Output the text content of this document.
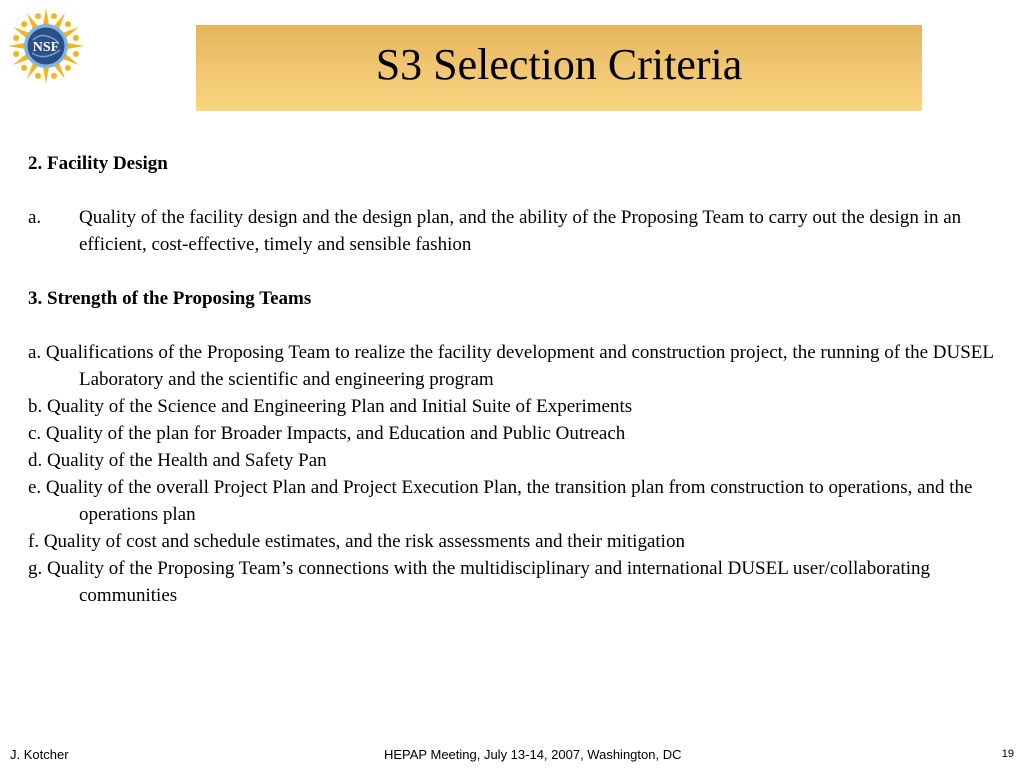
NSF	S3 Selection Criteria

2. Facility Design

a.	Quality of the facility design and the design plan, and the ability of the Proposing Team to carry out the design in an efficient, cost-effective, timely and sensible fashion

3. Strength of the Proposing Teams

a. Qualifications of the Proposing Team to realize the facility development and construction project, the running of the DUSEL Laboratory and the scientific and engineering program

b. Quality of the Science and Engineering Plan and Initial Suite of Experiments

c. Quality of the plan for Broader Impacts, and Education and Public Outreach

d. Quality of the Health and Safety Pan

e. Quality of the overall Project Plan and Project Execution Plan, the transition plan from construction to operations, and the operations plan

f. Quality of cost and schedule estimates, and the risk assessments and their mitigation

g. Quality of the Proposing Team’s connections with the multidisciplinary and international DUSEL user/collaborating communities

J. Kotcher	HEPAP Meeting, July 13-14, 2007, Washington, DC	19
